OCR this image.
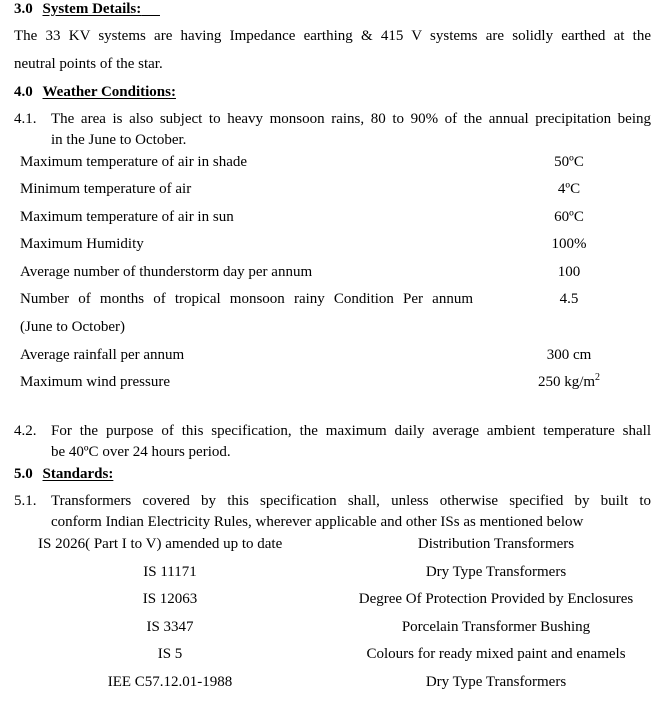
3.0 System Details:
The 33 KV systems are having Impedance earthing & 415 V systems are solidly earthed at the
neutral points of the star.
4.0 Weather Conditions:
4.1. The area is also subject to heavy monsoon rains, 80 to 90% of the annual precipitation being
in the June to October.
Maximum temperature of air in shade	50ºC
Minimum temperature of air	4ºC
Maximum temperature of air in sun	60ºC
Maximum Humidity	100%
Average number of thunderstorm day per annum	100
Number of months of tropical monsoon rainy Condition Per annum	4.5
(June to October)
Average rainfall per annum	300 cm
Maximum wind pressure	250 $kg/m^2$
4.2. For the purpose of this specification, the maximum daily average ambient temperature shall
be 40ºC over 24 hours period.
5.0 Standards:
5.1. Transformers covered by this specification shall, unless otherwise specified by built to
conform Indian Electricity Rules, wherever applicable and other ISs as mentioned below
IS 2026( Part I to V) amended up to date	Distribution Transformers
IS 11171	Dry Type Transformers
IS 12063	Degree Of Protection Provided by Enclosures
IS 3347	Porcelain Transformer Bushing
IS 5	Colours for ready mixed paint and enamels
IEE C57.12.01-1988	Dry Type Transformers
